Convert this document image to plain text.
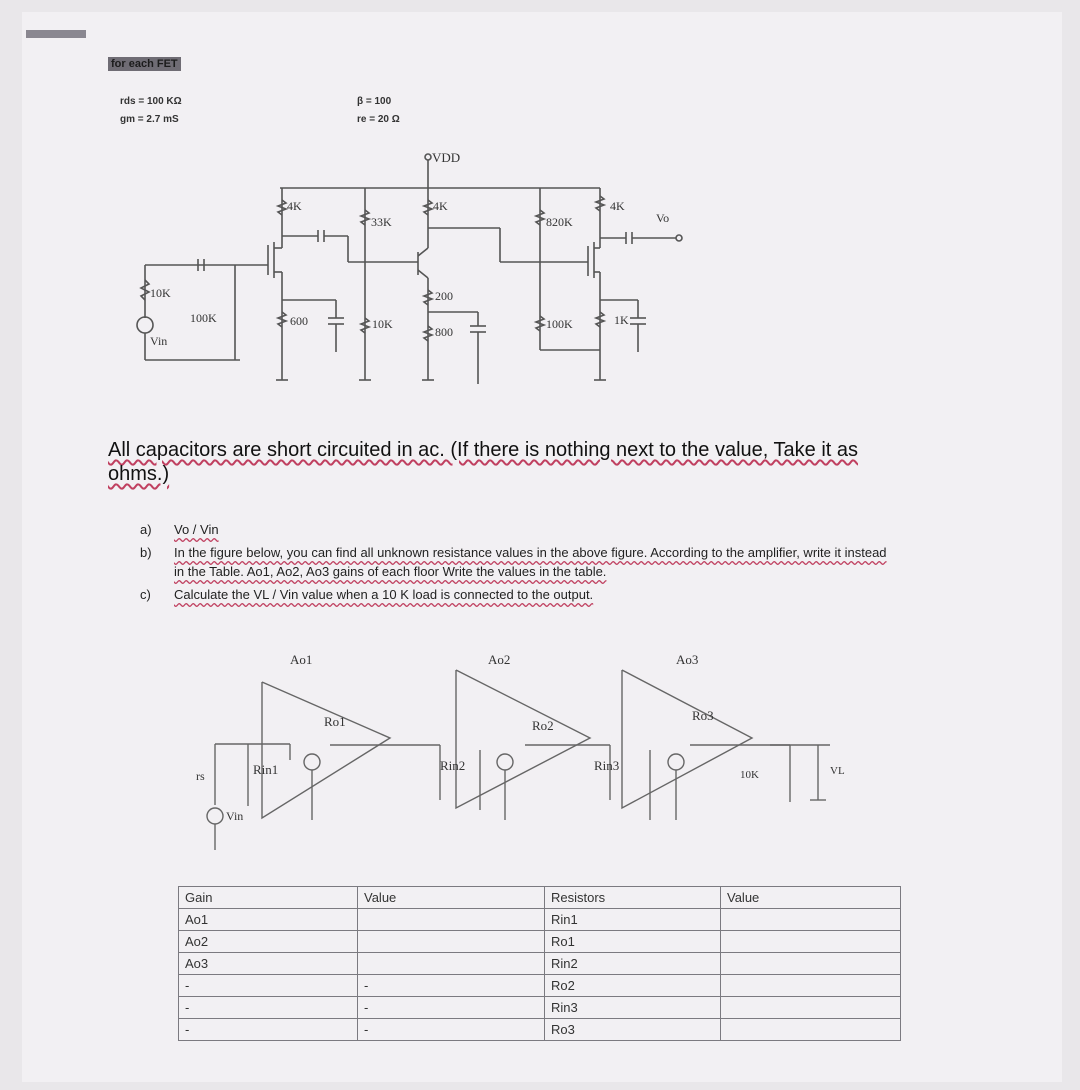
for each FET
rds = 100 KΩ
gm = 2.7 mS
β = 100
re = 20 Ω
VDD
4K
33K
4K
820K
4K
Vo
10K
Vin
100K	600	10K
200
800
100K	1K
All capacitors are short circuited in ac. (If there is nothing next to the value, Take it as ohms.)
a)	Vo / Vin
b)	In the figure below, you can find all unknown resistance values in the above figure. According to the amplifier, write it instead in the Table. Ao1, Ao2, Ao3 gains of each floor Write the values in the table.
c)	Calculate the VL / Vin value when a 10 K load is connected to the output.
Ao1	Ao2	Ao3
Ro1	Ro2
Ro3
Rin1	Rin2	Rin3
rs
Vin
10K	VL
Gain	Value	Resistors	Value
Ao1		Rin1	
Ao2		Ro1	
Ao3		Rin2	
-	-	Ro2	
-	-	Rin3	
-	-	Ro3	
